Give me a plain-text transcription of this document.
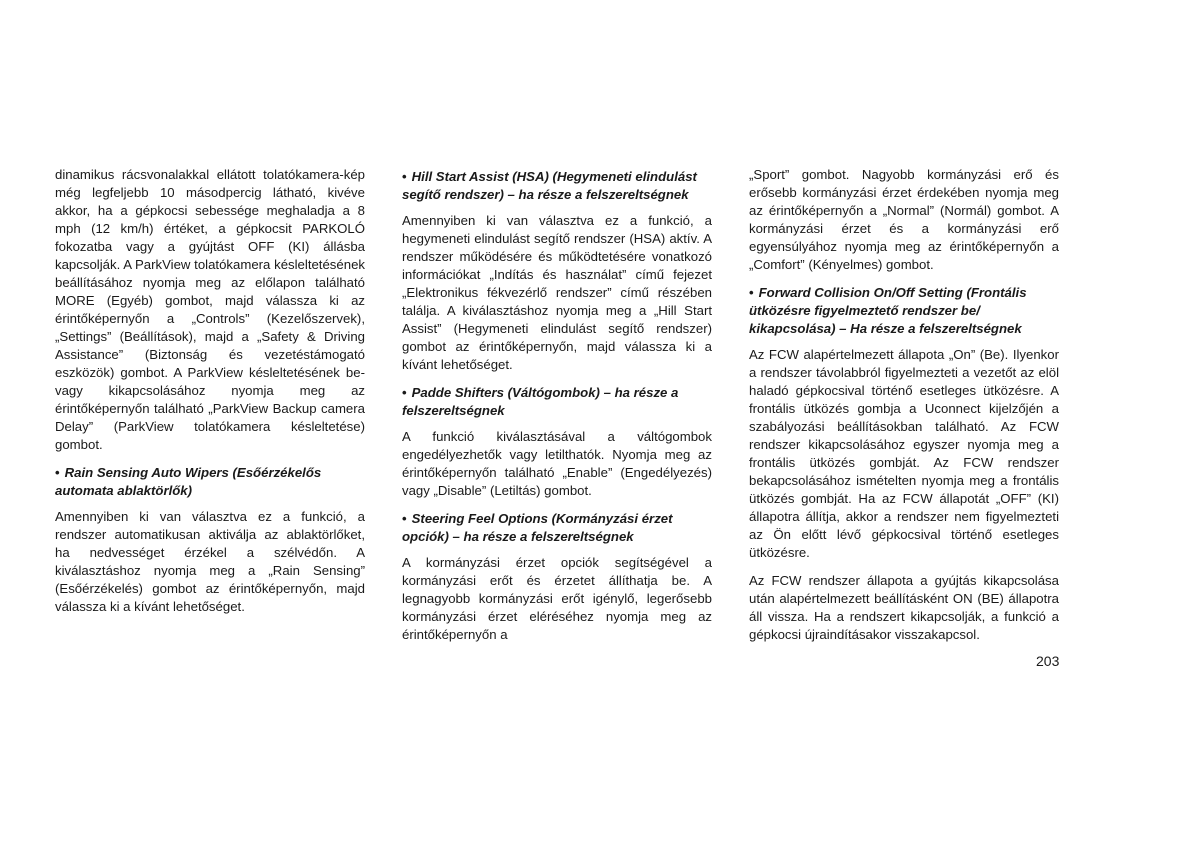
dinamikus rácsvonalakkal ellátott tolatókamera-kép még legfeljebb 10 másodpercig látható, kivéve akkor, ha a gépkocsi sebessége meghaladja a 8 mph (12 km/h) értéket, a gépkocsit PARKOLÓ fokozatba vagy a gyújtást OFF (KI) állásba kapcsolják. A ParkView tolatókamera késleltetésének beállításához nyomja meg az előlapon található MORE (Egyéb) gombot, majd válassza ki az érintőképernyőn a „Controls” (Kezelőszervek), „Settings” (Beállítások), majd a „Safety & Driving Assistance” (Biztonság és vezetéstámogató eszközök) gombot. A ParkView késleltetésének be- vagy kikapcsolásához nyomja meg az érintőképernyőn található „ParkView Backup camera Delay” (ParkView tolatókamera késleltetése) gombot.

• Rain Sensing Auto Wipers (Esőérzékelős automata ablaktörlők)

Amennyiben ki van választva ez a funkció, a rendszer automatikusan aktiválja az ablaktörlőket, ha nedvességet érzékel a szélvédőn. A kiválasztáshoz nyomja meg a „Rain Sensing” (Esőérzékelés) gombot az érintőképernyőn, majd válassza ki a kívánt lehetőséget.

• Hill Start Assist (HSA) (Hegymeneti elindulást segítő rendszer) – ha része a felszereltségnek

Amennyiben ki van választva ez a funkció, a hegymeneti elindulást segítő rendszer (HSA) aktív. A rendszer működésére és működtetésére vonatkozó információkat „Indítás és használat” című fejezet „Elektronikus fékvezérlő rendszer” című részében találja. A kiválasztáshoz nyomja meg a „Hill Start Assist” (Hegymeneti elindulást segítő rendszer) gombot az érintőképernyőn, majd válassza ki a kívánt lehetőséget.

• Padde Shifters (Váltógombok) – ha része a felszereltségnek

A funkció kiválasztásával a váltógombok engedélyezhetők vagy letilthatók. Nyomja meg az érintőképernyőn található „Enable” (Engedélyezés) vagy „Disable” (Letiltás) gombot.

• Steering Feel Options (Kormányzási érzet opciók) – ha része a felszereltségnek

A kormányzási érzet opciók segítségével a kormányzási erőt és érzetet állíthatja be. A legnagyobb kormányzási erőt igénylő, legerősebb kormányzási érzet eléréséhez nyomja meg az érintőképernyőn a

„Sport” gombot. Nagyobb kormányzási erő és erősebb kormányzási érzet érdekében nyomja meg az érintőképernyőn a „Normal” (Normál) gombot. A kormányzási érzet és a kormányzási erő egyensúlyához nyomja meg az érintőképernyőn a „Comfort” (Kényelmes) gombot.

• Forward Collision On/Off Setting (Frontális ütközésre figyelmeztető rendszer be/ kikapcsolása) – Ha része a felszereltségnek

Az FCW alapértelmezett állapota „On” (Be). Ilyenkor a rendszer távolabbról figyelmezteti a vezetőt az elöl haladó gépkocsival történő esetleges ütközésre. A frontális ütközés gombja a Uconnect kijelzőjén a szabályozási beállításokban található. Az FCW rendszer kikapcsolásához egyszer nyomja meg a frontális ütközés gombját. Az FCW rendszer bekapcsolásához ismételten nyomja meg a frontális ütközés gombját. Ha az FCW állapotát „OFF” (KI) állapotra állítja, akkor a rendszer nem figyelmezteti az Ön előtt lévő gépkocsival történő esetleges ütközésre.

Az FCW rendszer állapota a gyújtás kikapcsolása után alapértelmezett beállításként ON (BE) állapotra áll vissza. Ha a rendszert kikapcsolják, a funkció a gépkocsi újraindításakor visszakapcsol.

203
